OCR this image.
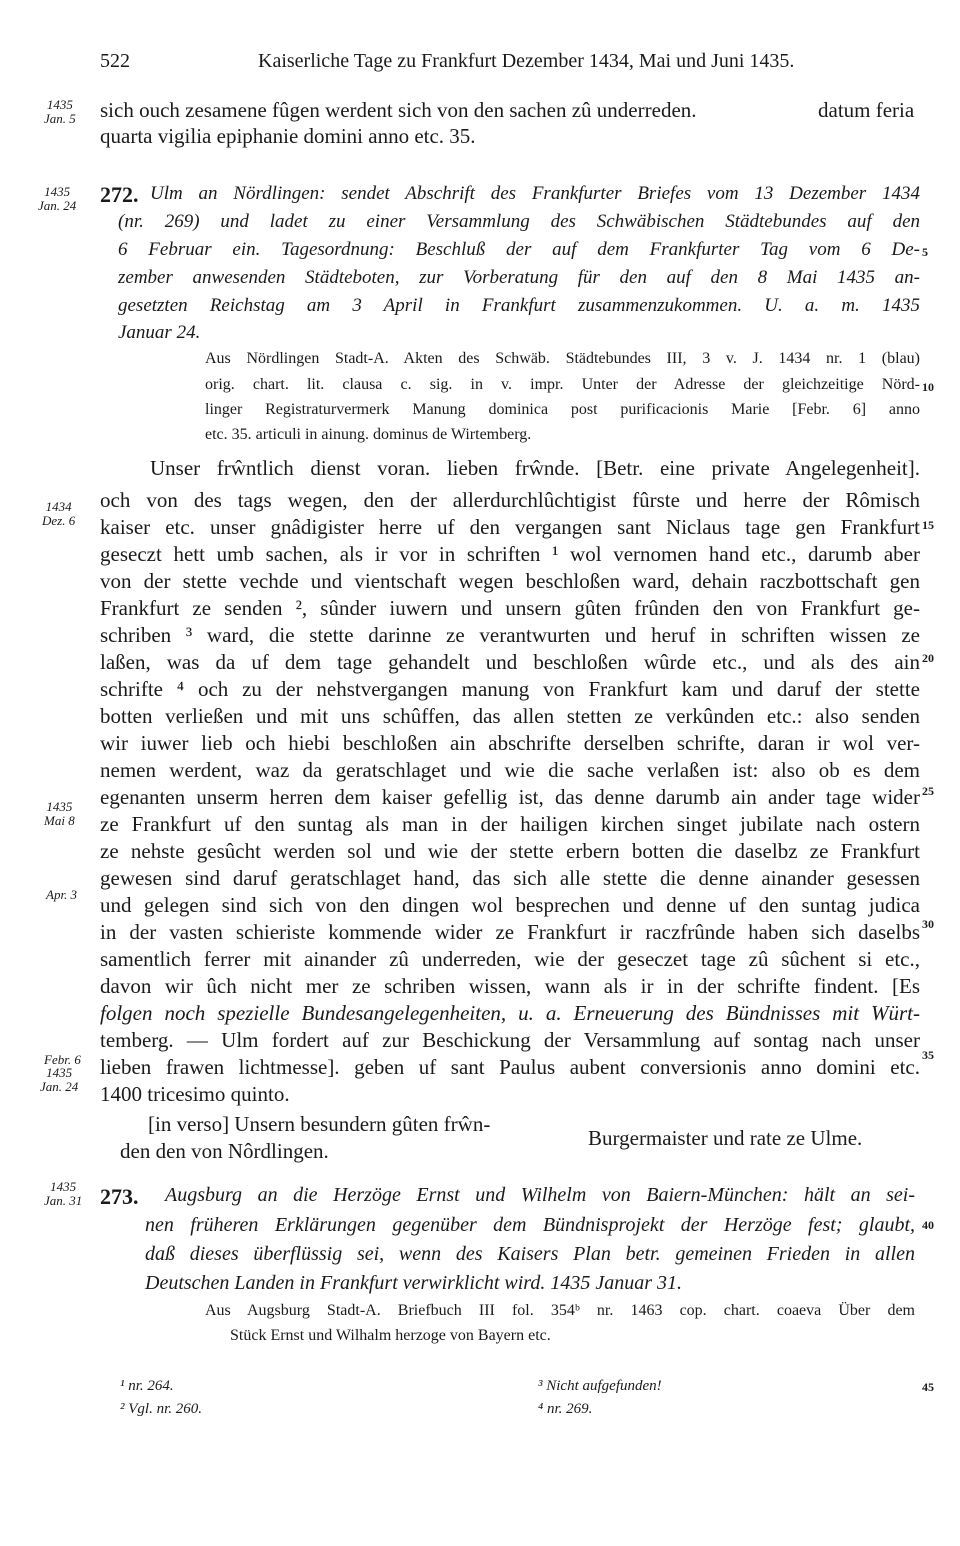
522	Kaiserliche Tage zu Frankfurt Dezember 1434, Mai und Juni 1435.
1435
Jan. 5
1435
Jan. 24
1434
Dez. 6
1435
Mai 8
Apr. 3
Febr. 6
1435
Jan. 24
1435
Jan. 31
5
10
15
20
25
30
35
40
45
sich ouch zesamene fûgen werdent sich von den sachen zû underreden.	datum feria
quarta vigilia epiphanie domini anno etc. 35.
272. Ulm an Nördlingen: sendet Abschrift des Frankfurter Briefes vom 13 Dezember 1434
(nr. 269) und ladet zu einer Versammlung des Schwäbischen Städtebundes auf den
6 Februar ein. Tagesordnung: Beschluß der auf dem Frankfurter Tag vom 6 De-
zember anwesenden Städteboten, zur Vorberatung für den auf den 8 Mai 1435 an-
gesetzten Reichstag am 3 April in Frankfurt zusammenzukommen. U. a. m. 1435
Januar 24.
Aus Nördlingen Stadt-A. Akten des Schwäb. Städtebundes III, 3 v. J. 1434 nr. 1 (blau)
orig. chart. lit. clausa c. sig. in v. impr. Unter der Adresse der gleichzeitige Nörd-
linger Registraturvermerk Manung dominica post purificacionis Marie [Febr. 6] anno
etc. 35. articuli in ainung. dominus de Wirtemberg.
Unser frŵntlich dienst voran. lieben frŵnde. [Betr. eine private Angelegenheit].
och von des tags wegen, den der allerdurchlûchtigist fûrste und herre der Rômisch
kaiser etc. unser gnâdigister herre uf den vergangen sant Niclaus tage gen Frankfurt
geseczt hett umb sachen, als ir vor in schriften ¹ wol vernomen hand etc., darumb aber
von der stette vechde und vientschaft wegen beschloßen ward, dehain raczbottschaft gen
Frankfurt ze senden ², sûnder iuwern und unsern gûten frûnden den von Frankfurt ge-
schriben ³ ward, die stette darinne ze verantwurten und heruf in schriften wissen ze
laßen, was da uf dem tage gehandelt und beschloßen wûrde etc., und als des ain
schrifte ⁴ och zu der nehstvergangen manung von Frankfurt kam und daruf der stette
botten verließen und mit uns schûffen, das allen stetten ze verkûnden etc.: also senden
wir iuwer lieb och hiebi beschloßen ain abschrifte derselben schrifte, daran ir wol ver-
nemen werdent, waz da geratschlaget und wie die sache verlaßen ist: also ob es dem
egenanten unserm herren dem kaiser gefellig ist, das denne darumb ain ander tage wider
ze Frankfurt uf den suntag als man in der hailigen kirchen singet jubilate nach ostern
ze nehste gesûcht werden sol und wie der stette erbern botten die daselbz ze Frankfurt
gewesen sind daruf geratschlaget hand, das sich alle stette die denne ainander gesessen
und gelegen sind sich von den dingen wol besprechen und denne uf den suntag judica
in der vasten schieriste kommende wider ze Frankfurt ir raczfrûnde haben sich daselbs
samentlich ferrer mit ainander zû underreden, wie der geseczet tage zû sûchent si etc.,
davon wir ûch nicht mer ze schriben wissen, wann als ir in der schrifte findent. [Es
folgen noch spezielle Bundesangelegenheiten, u. a. Erneuerung des Bündnisses mit Würt-
temberg. — Ulm fordert auf zur Beschickung der Versammlung auf sontag nach unser
lieben frawen lichtmesse]. geben uf sant Paulus aubent conversionis anno domini etc.
1400 tricesimo quinto.
[in verso] Unsern besundern gûten frŵn-
den den von Nôrdlingen.
Burgermaister und rate ze Ulme.
273. Augsburg an die Herzöge Ernst und Wilhelm von Baiern-München: hält an sei-
nen früheren Erklärungen gegenüber dem Bündnisprojekt der Herzöge fest; glaubt,
daß dieses überflüssig sei, wenn des Kaisers Plan betr. gemeinen Frieden in allen
Deutschen Landen in Frankfurt verwirklicht wird. 1435 Januar 31.
Aus Augsburg Stadt-A. Briefbuch III fol. 354ᵇ nr. 1463 cop. chart. coaeva Über dem
Stück Ernst und Wilhalm herzoge von Bayern etc.
¹ nr. 264.
² Vgl. nr. 260.
³ Nicht aufgefunden!
⁴ nr. 269.
